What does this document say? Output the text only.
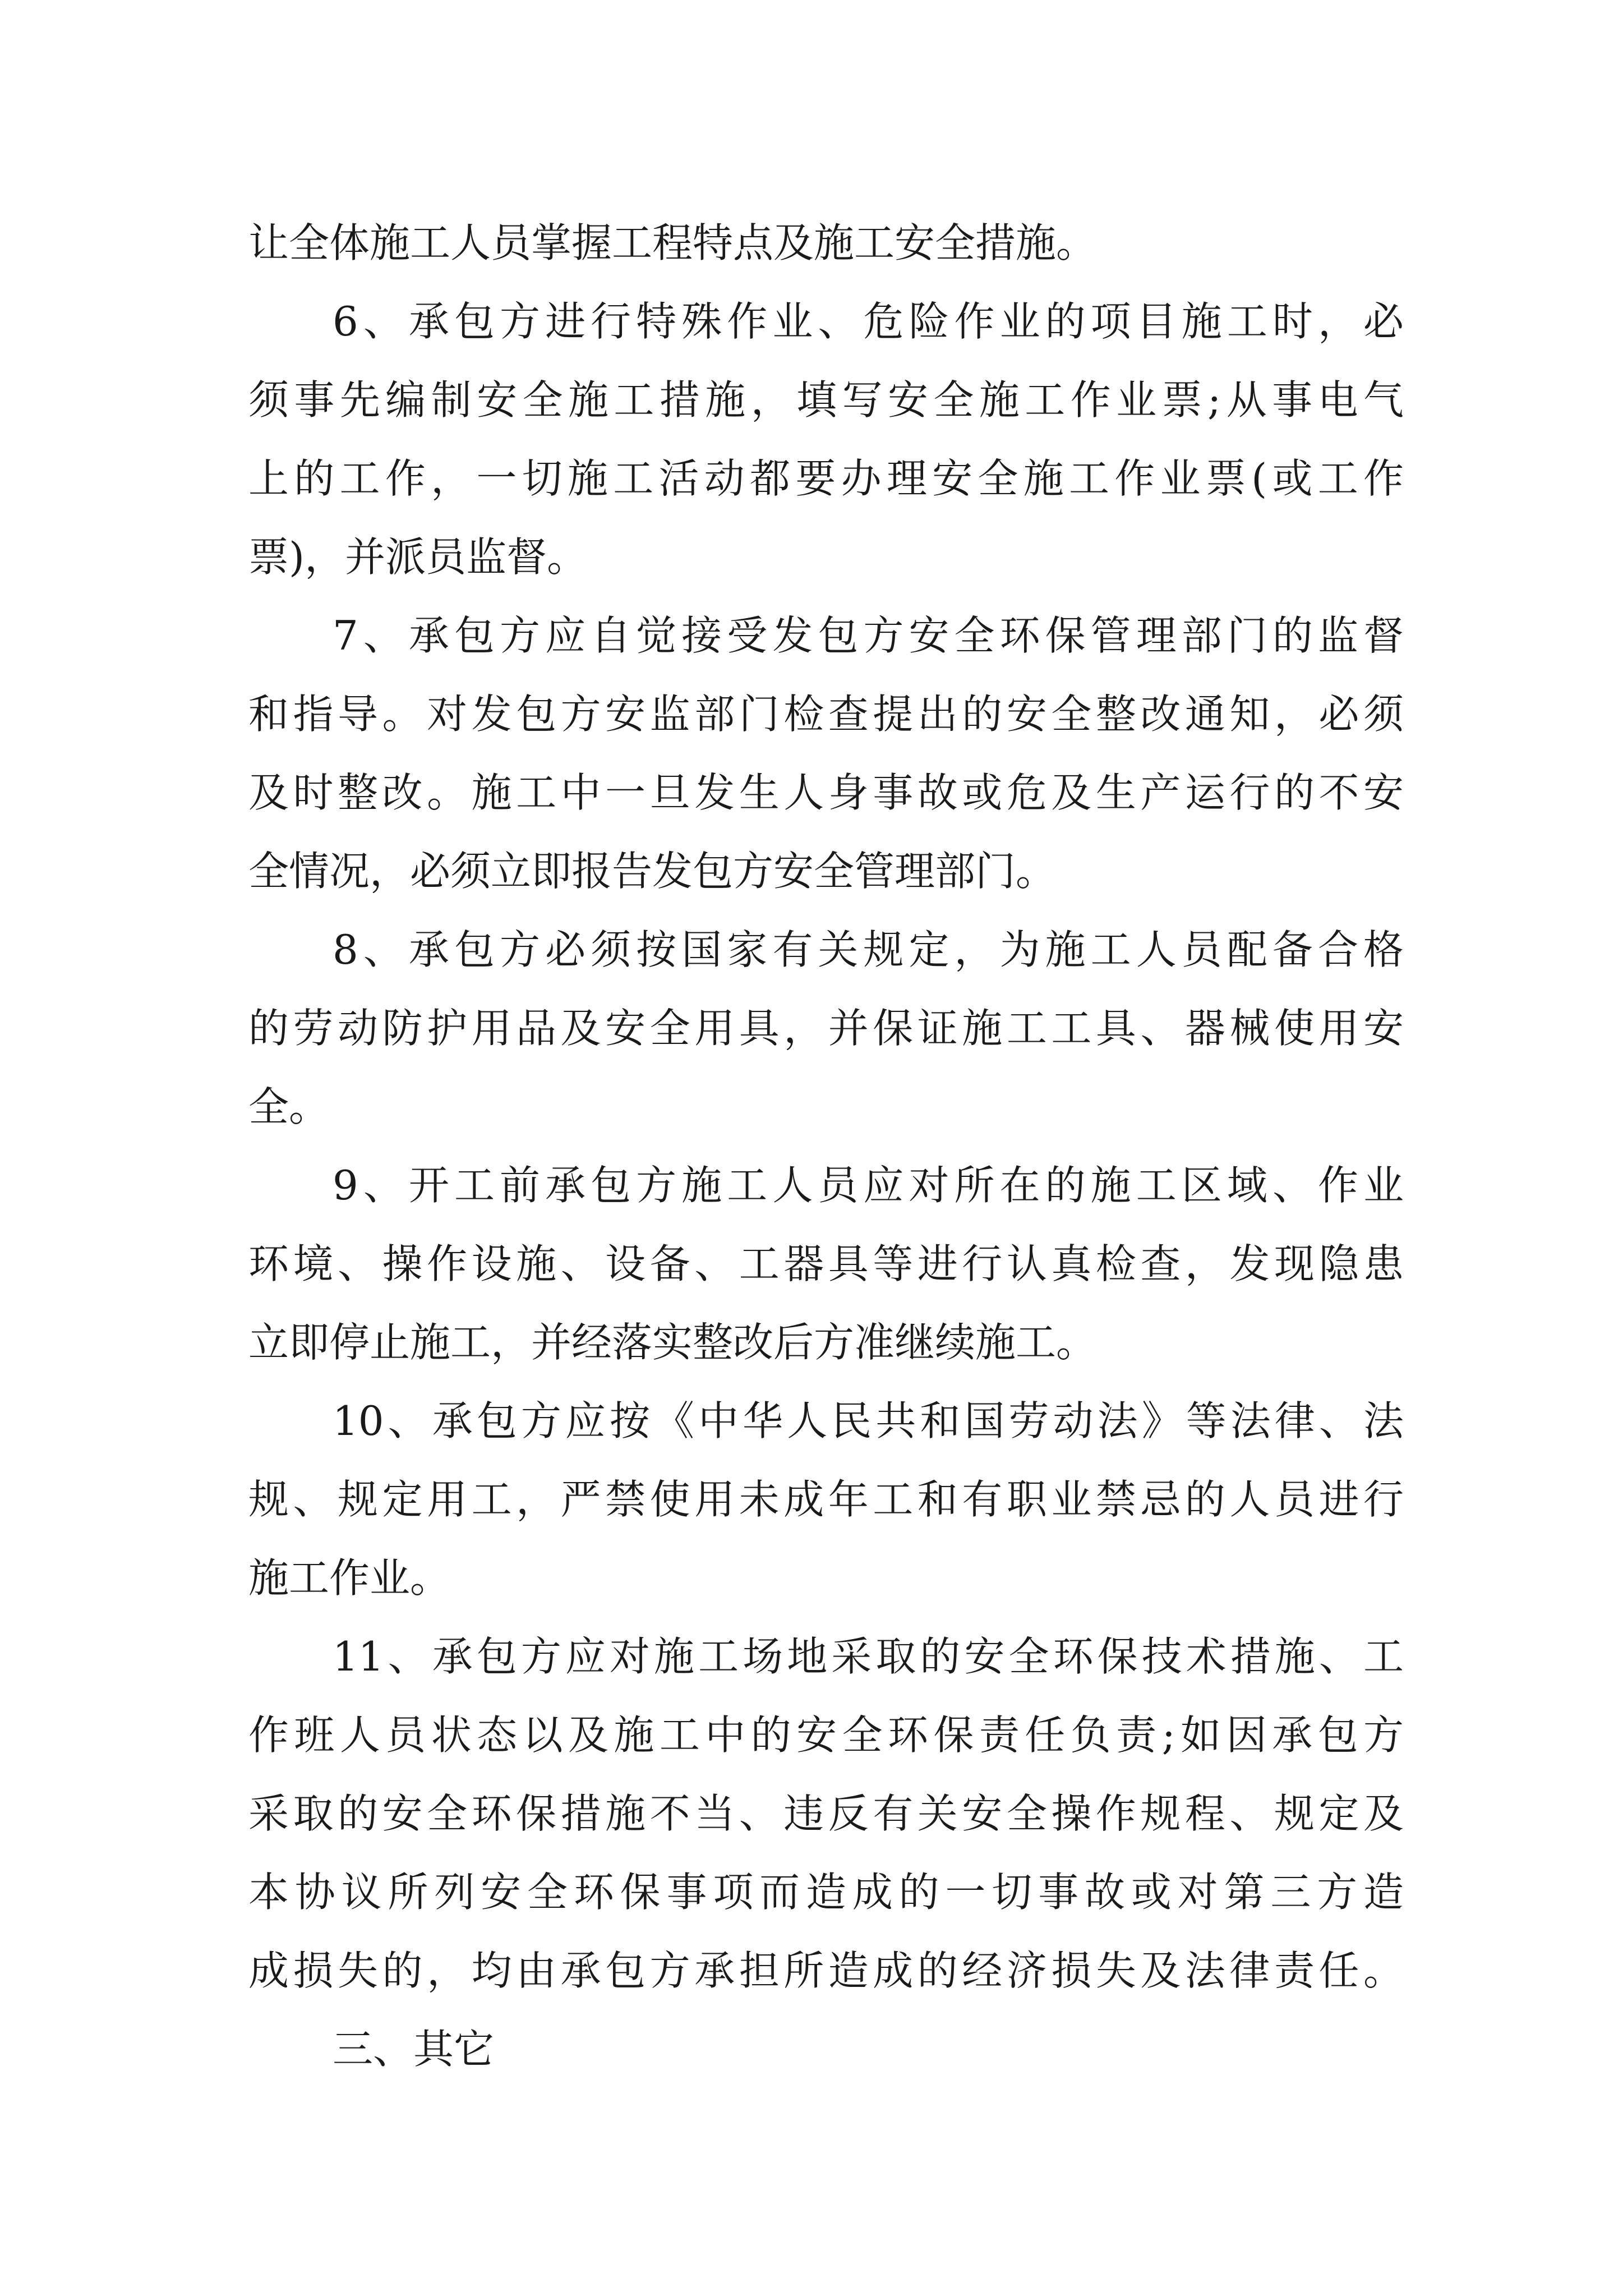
让全体施工人员掌握工程特点及施工安全措施。
6、承包方进行特殊作业、危险作业的项目施工时，必
须事先编制安全施工措施，填写安全施工作业票;从事电气
上的工作，一切施工活动都要办理安全施工作业票(或工作
票)，并派员监督。
7、承包方应自觉接受发包方安全环保管理部门的监督
和指导。对发包方安监部门检查提出的安全整改通知，必须
及时整改。施工中一旦发生人身事故或危及生产运行的不安
全情况，必须立即报告发包方安全管理部门。
8、承包方必须按国家有关规定，为施工人员配备合格
的劳动防护用品及安全用具，并保证施工工具、器械使用安
全。
9、开工前承包方施工人员应对所在的施工区域、作业
环境、操作设施、设备、工器具等进行认真检查，发现隐患
立即停止施工，并经落实整改后方准继续施工。
10、承包方应按《中华人民共和国劳动法》等法律、法
规、规定用工，严禁使用未成年工和有职业禁忌的人员进行
施工作业。
11、承包方应对施工场地采取的安全环保技术措施、工
作班人员状态以及施工中的安全环保责任负责;如因承包方
采取的安全环保措施不当、违反有关安全操作规程、规定及
本协议所列安全环保事项而造成的一切事故或对第三方造
成损失的，均由承包方承担所造成的经济损失及法律责任。
三、其它
